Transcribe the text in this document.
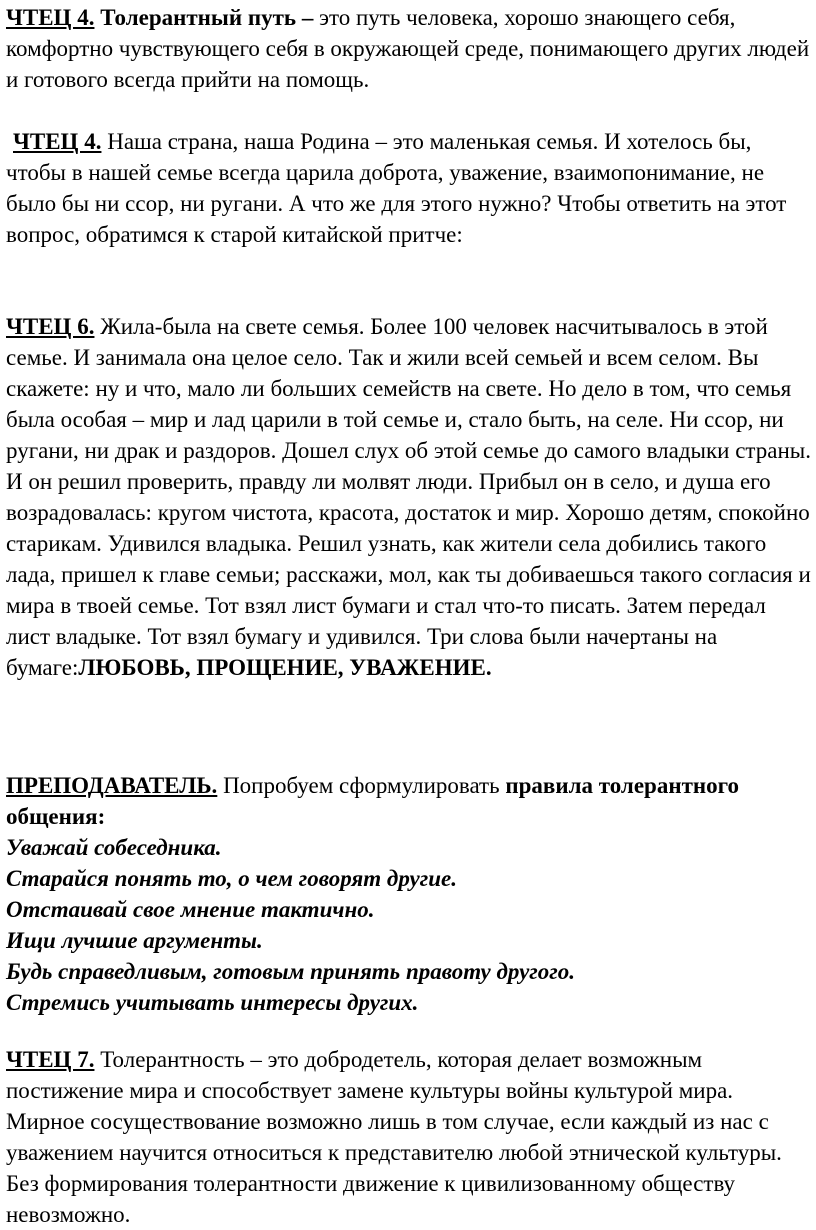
ЧТЕЦ 4. Толерантный путь – это путь человека, хорошо знающего себя, комфортно чувствующего себя в окружающей среде, понимающего других людей и готового всегда прийти на помощь.

ЧТЕЦ 4. Наша страна, наша Родина – это маленькая семья. И хотелось бы, чтобы в нашей семье всегда царила доброта, уважение, взаимопонимание, не было бы ни ссор, ни ругани. А что же для этого нужно? Чтобы ответить на этот вопрос, обратимся к старой китайской притче:

ЧТЕЦ 6. Жила-была на свете семья. Более 100 человек насчитывалось в этой семье. И занимала она целое село. Так и жили всей семьей и всем селом. Вы скажете: ну и что, мало ли больших семейств на свете. Но дело в том, что семья была особая – мир и лад царили в той семье и, стало быть, на селе. Ни ссор, ни ругани, ни драк и раздоров. Дошел слух об этой семье до самого владыки страны. И он решил проверить, правду ли молвят люди. Прибыл он в село, и душа его возрадовалась: кругом чистота, красота, достаток и мир. Хорошо детям, спокойно старикам. Удивился владыка. Решил узнать, как жители села добились такого лада, пришел к главе семьи; расскажи, мол, как ты добиваешься такого согласия и мира в твоей семье. Тот взял лист бумаги и стал что-то писать. Затем передал лист владыке. Тот взял бумагу и удивился. Три слова были начертаны на бумаге:ЛЮБОВЬ, ПРОЩЕНИЕ, УВАЖЕНИЕ.

ПРЕПОДАВАТЕЛЬ. Попробуем сформулировать правила толерантного общения:

Уважай собеседника.
Старайся понять то, о чем говорят другие.
Отстаивай свое мнение тактично.
Ищи лучшие аргументы.
Будь справедливым, готовым принять правоту другого.
Стремись учитывать интересы других.

ЧТЕЦ 7. Толерантность – это добродетель, которая делает возможным постижение мира и способствует замене культуры войны культурой мира. Мирное сосуществование возможно лишь в том случае, если каждый из нас с уважением научится относиться к представителю любой этнической культуры. Без формирования толерантности движение к цивилизованному обществу невозможно.
